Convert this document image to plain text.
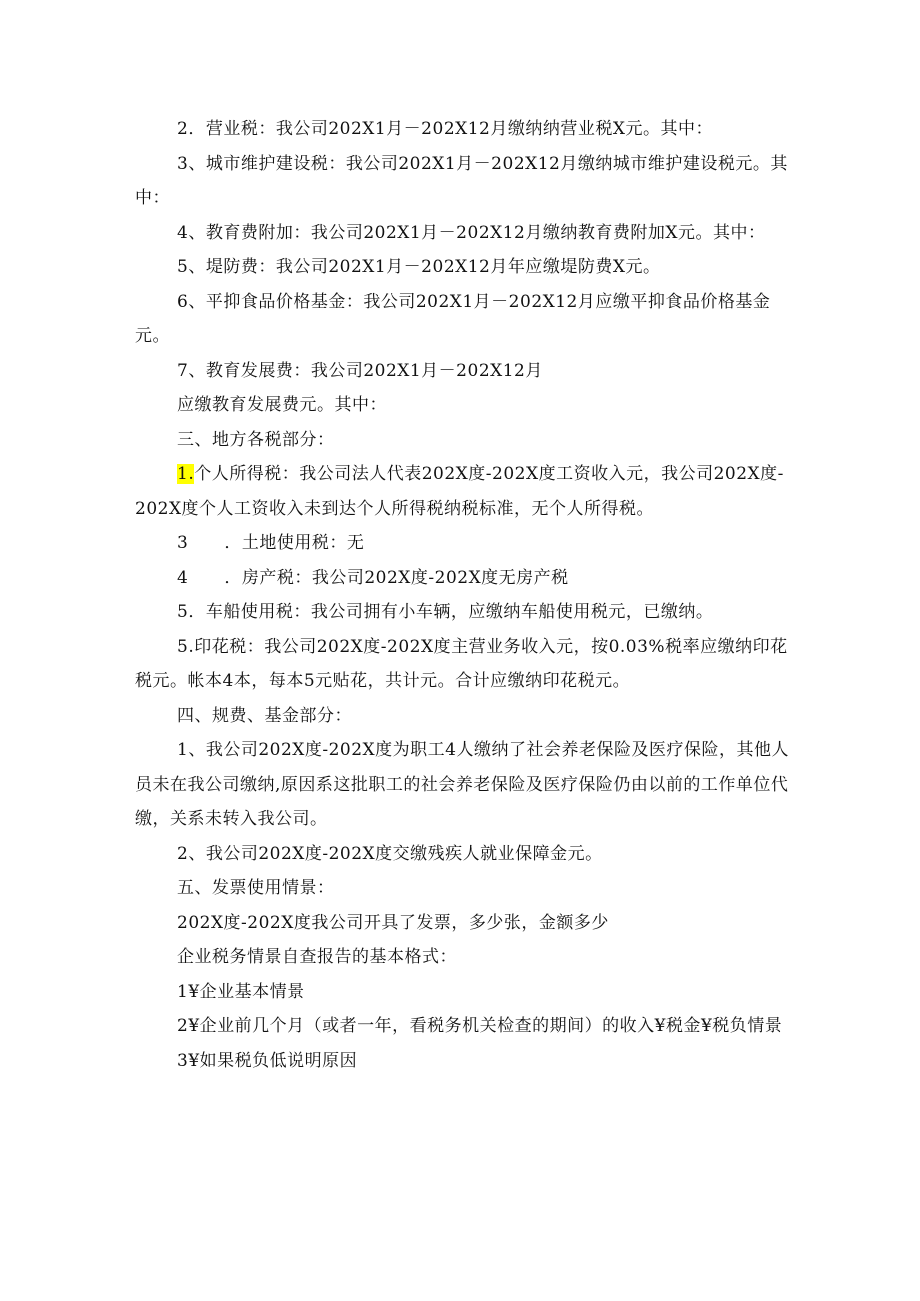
2．营业税：我公司202X1月－202X12月缴纳纳营业税X元。其中：

3、城市维护建设税：我公司202X1月－202X12月缴纳城市维护建设税元。其中：

4、教育费附加：我公司202X1月－202X12月缴纳教育费附加X元。其中：

5、堤防费：我公司202X1月－202X12月年应缴堤防费X元。

6、平抑食品价格基金：我公司202X1月－202X12月应缴平抑食品价格基金元。

7、教育发展费：我公司202X1月－202X12月

应缴教育发展费元。其中：

三、地方各税部分：

1.个人所得税：我公司法人代表202X度-202X度工资收入元，我公司202X度-202X度个人工资收入未到达个人所得税纳税标准，无个人所得税。

3 ．土地使用税：无

4 ．房产税：我公司202X度-202X度无房产税

5．车船使用税：我公司拥有小车辆，应缴纳车船使用税元，已缴纳。

5.印花税：我公司202X度-202X度主营业务收入元，按0.03%税率应缴纳印花税元。帐本4本，每本5元贴花，共计元。合计应缴纳印花税元。

四、规费、基金部分：

1、我公司202X度-202X度为职工4人缴纳了社会养老保险及医疗保险，其他人员未在我公司缴纳,原因系这批职工的社会养老保险及医疗保险仍由以前的工作单位代缴，关系未转入我公司。

2、我公司202X度-202X度交缴残疾人就业保障金元。

五、发票使用情景：

202X度-202X度我公司开具了发票，多少张，金额多少

企业税务情景自查报告的基本格式：

1¥企业基本情景

2¥企业前几个月（或者一年，看税务机关检查的期间）的收入¥税金¥税负情景

3¥如果税负低说明原因
